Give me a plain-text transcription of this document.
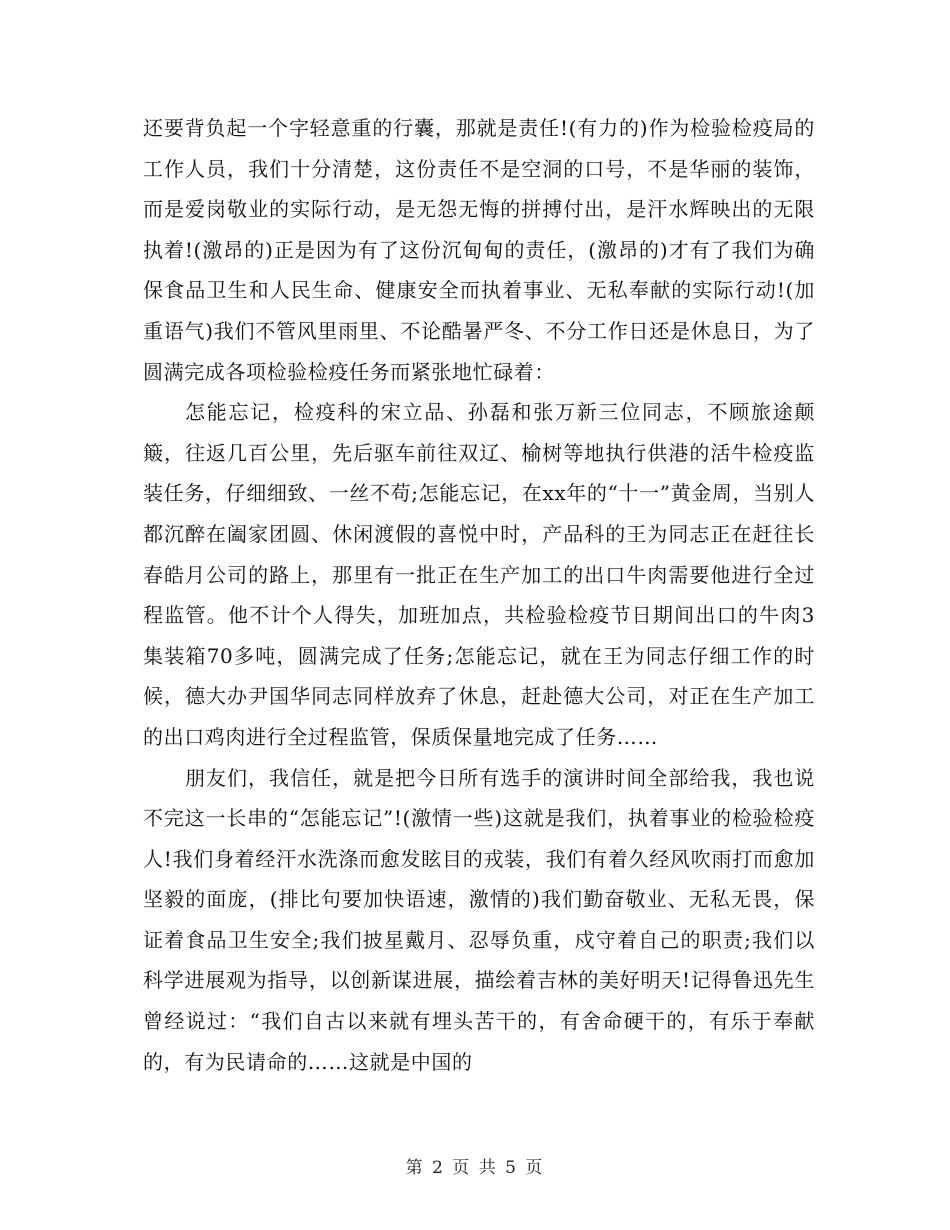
还要背负起一个字轻意重的行囊，那就是责任!(有力的)作为检验检疫局的工作人员，我们十分清楚，这份责任不是空洞的口号，不是华丽的装饰，而是爱岗敬业的实际行动，是无怨无悔的拼搏付出，是汗水辉映出的无限执着!(激昂的)正是因为有了这份沉甸甸的责任，(激昂的)才有了我们为确保食品卫生和人民生命、健康安全而执着事业、无私奉献的实际行动!(加重语气)我们不管风里雨里、不论酷暑严冬、不分工作日还是休息日，为了圆满完成各项检验检疫任务而紧张地忙碌着：

怎能忘记，检疫科的宋立品、孙磊和张万新三位同志，不顾旅途颠簸，往返几百公里，先后驱车前往双辽、榆树等地执行供港的活牛检疫监装任务，仔细细致、一丝不苟;怎能忘记，在xx年的“十一”黄金周，当别人都沉醉在阖家团圆、休闲渡假的喜悦中时，产品科的王为同志正在赶往长春皓月公司的路上，那里有一批正在生产加工的出口牛肉需要他进行全过程监管。他不计个人得失，加班加点，共检验检疫节日期间出口的牛肉3集装箱70多吨，圆满完成了任务;怎能忘记，就在王为同志仔细工作的时候，德大办尹国华同志同样放弃了休息，赶赴德大公司，对正在生产加工的出口鸡肉进行全过程监管，保质保量地完成了任务……

朋友们，我信任，就是把今日所有选手的演讲时间全部给我，我也说不完这一长串的“怎能忘记”!(激情一些)这就是我们，执着事业的检验检疫人!我们身着经汗水洗涤而愈发眩目的戎装，我们有着久经风吹雨打而愈加坚毅的面庞，(排比句要加快语速，激情的)我们勤奋敬业、无私无畏，保证着食品卫生安全;我们披星戴月、忍辱负重，戍守着自己的职责;我们以科学进展观为指导，以创新谋进展，描绘着吉林的美好明天!记得鲁迅先生曾经说过：“我们自古以来就有埋头苦干的，有舍命硬干的，有乐于奉献的，有为民请命的……这就是中国的

第 2 页 共 5 页
